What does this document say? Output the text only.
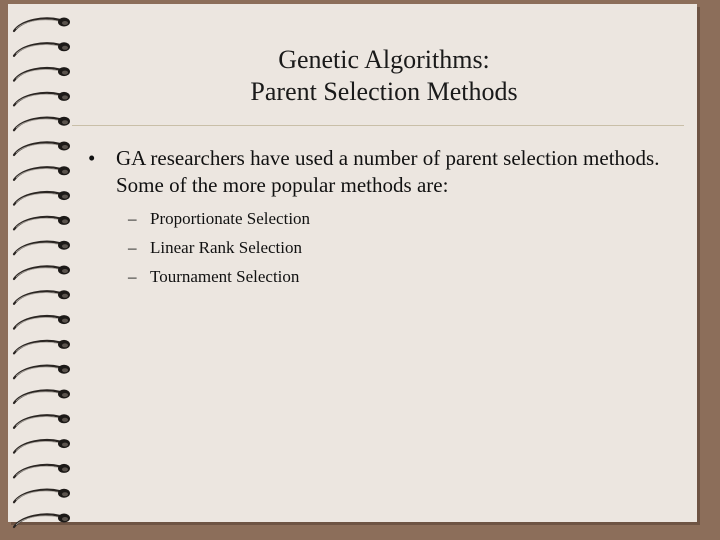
Genetic Algorithms:
Parent Selection Methods
• GA researchers have used a number of parent selection methods. Some of the more popular methods are:
– Proportionate Selection
– Linear Rank Selection
– Tournament Selection
